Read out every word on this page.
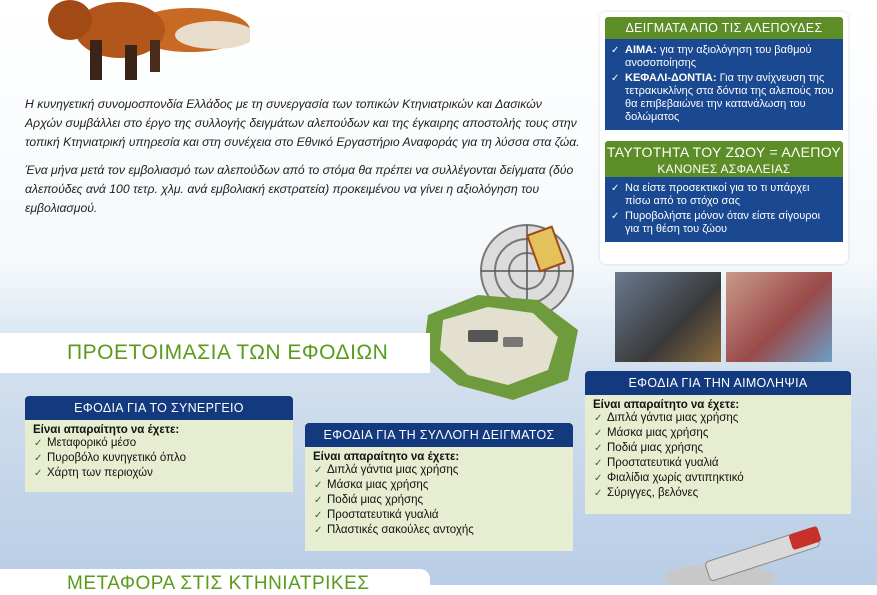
Η κυνηγετική συνομοσπονδία Ελλάδος με τη συνεργασία των τοπικών Κτηνιατρικών και Δασικών Αρχών συμβάλλει στο έργο της συλλογής δειγμάτων αλεπούδων και της έγκαιρης αποστολής τους στην τοπική Κτηνιατρική υπηρεσία και στη συνέχεια στο Εθνικό Εργαστήριο Αναφοράς για τη λύσσα στα ζώα.

Ένα μήνα μετά τον εμβολιασμό των αλεπούδων από το στόμα θα πρέπει να συλλέγονται δείγματα (δύο αλεπούδες ανά 100 τετρ. χλμ. ανά εμβολιακή εκστρατεία) προκειμένου να γίνει η αξιολόγηση του εμβολιασμού.

ΔΕΙΓΜΑΤΑ ΑΠΟ ΤΙΣ ΑΛΕΠΟΥΔΕΣ
✓ ΑΙΜΑ: για την αξιολόγηση του βαθμού ανοσοποίησης
✓ ΚΕΦΑΛΙ-ΔΟΝΤΙΑ: Για την ανίχνευση της τετρακυκλίνης στα δόντια της αλεπούς που θα επιβεβαιώνει την κατανάλωση του δολώματος
ΤΑΥΤΟΤΗΤΑ ΤΟΥ ΖΩΟΥ = ΑΛΕΠΟΥ
ΚΑΝΟΝΕΣ ΑΣΦΑΛΕΙΑΣ
✓ Να είστε προσεκτικοί για το τι υπάρχει πίσω από το στόχο σας
✓ Πυροβολήστε μόνον όταν είστε σίγουροι για τη θέση του ζώου
ΠΡΟΕΤΟΙΜΑΣΙΑ ΤΩΝ ΕΦΟΔΙΩΝ
ΕΦΟΔΙΑ ΓΙΑ ΤΟ ΣΥΝΕΡΓΕΙΟ
Είναι απαραίτητο να έχετε:
✓ Μεταφορικό μέσο
✓ Πυροβόλο κυνηγετικό όπλο
✓ Χάρτη των περιοχών
ΕΦΟΔΙΑ ΓΙΑ ΤΗ ΣΥΛΛΟΓΗ ΔΕΙΓΜΑΤΟΣ
Είναι απαραίτητο να έχετε:
✓ Διπλά γάντια μιας χρήσης
✓ Μάσκα μιας χρήσης
✓ Ποδιά μιας χρήσης
✓ Προστατευτικά γυαλιά
✓ Πλαστικές σακούλες αντοχής
ΕΦΟΔΙΑ ΓΙΑ ΤΗΝ ΑΙΜΟΛΗΨΙΑ
Είναι απαραίτητο να έχετε:
✓ Διπλά γάντια μιας χρήσης
✓ Μάσκα μιας χρήσης
✓ Ποδιά μιας χρήσης
✓ Προστατευτικά γυαλιά
✓ Φιαλίδια χωρίς αντιπηκτικό
✓ Σύριγγες, βελόνες
ΜΕΤΑΦΟΡΑ ΣΤΙΣ ΚΤΗΝΙΑΤΡΙΚΕΣ
